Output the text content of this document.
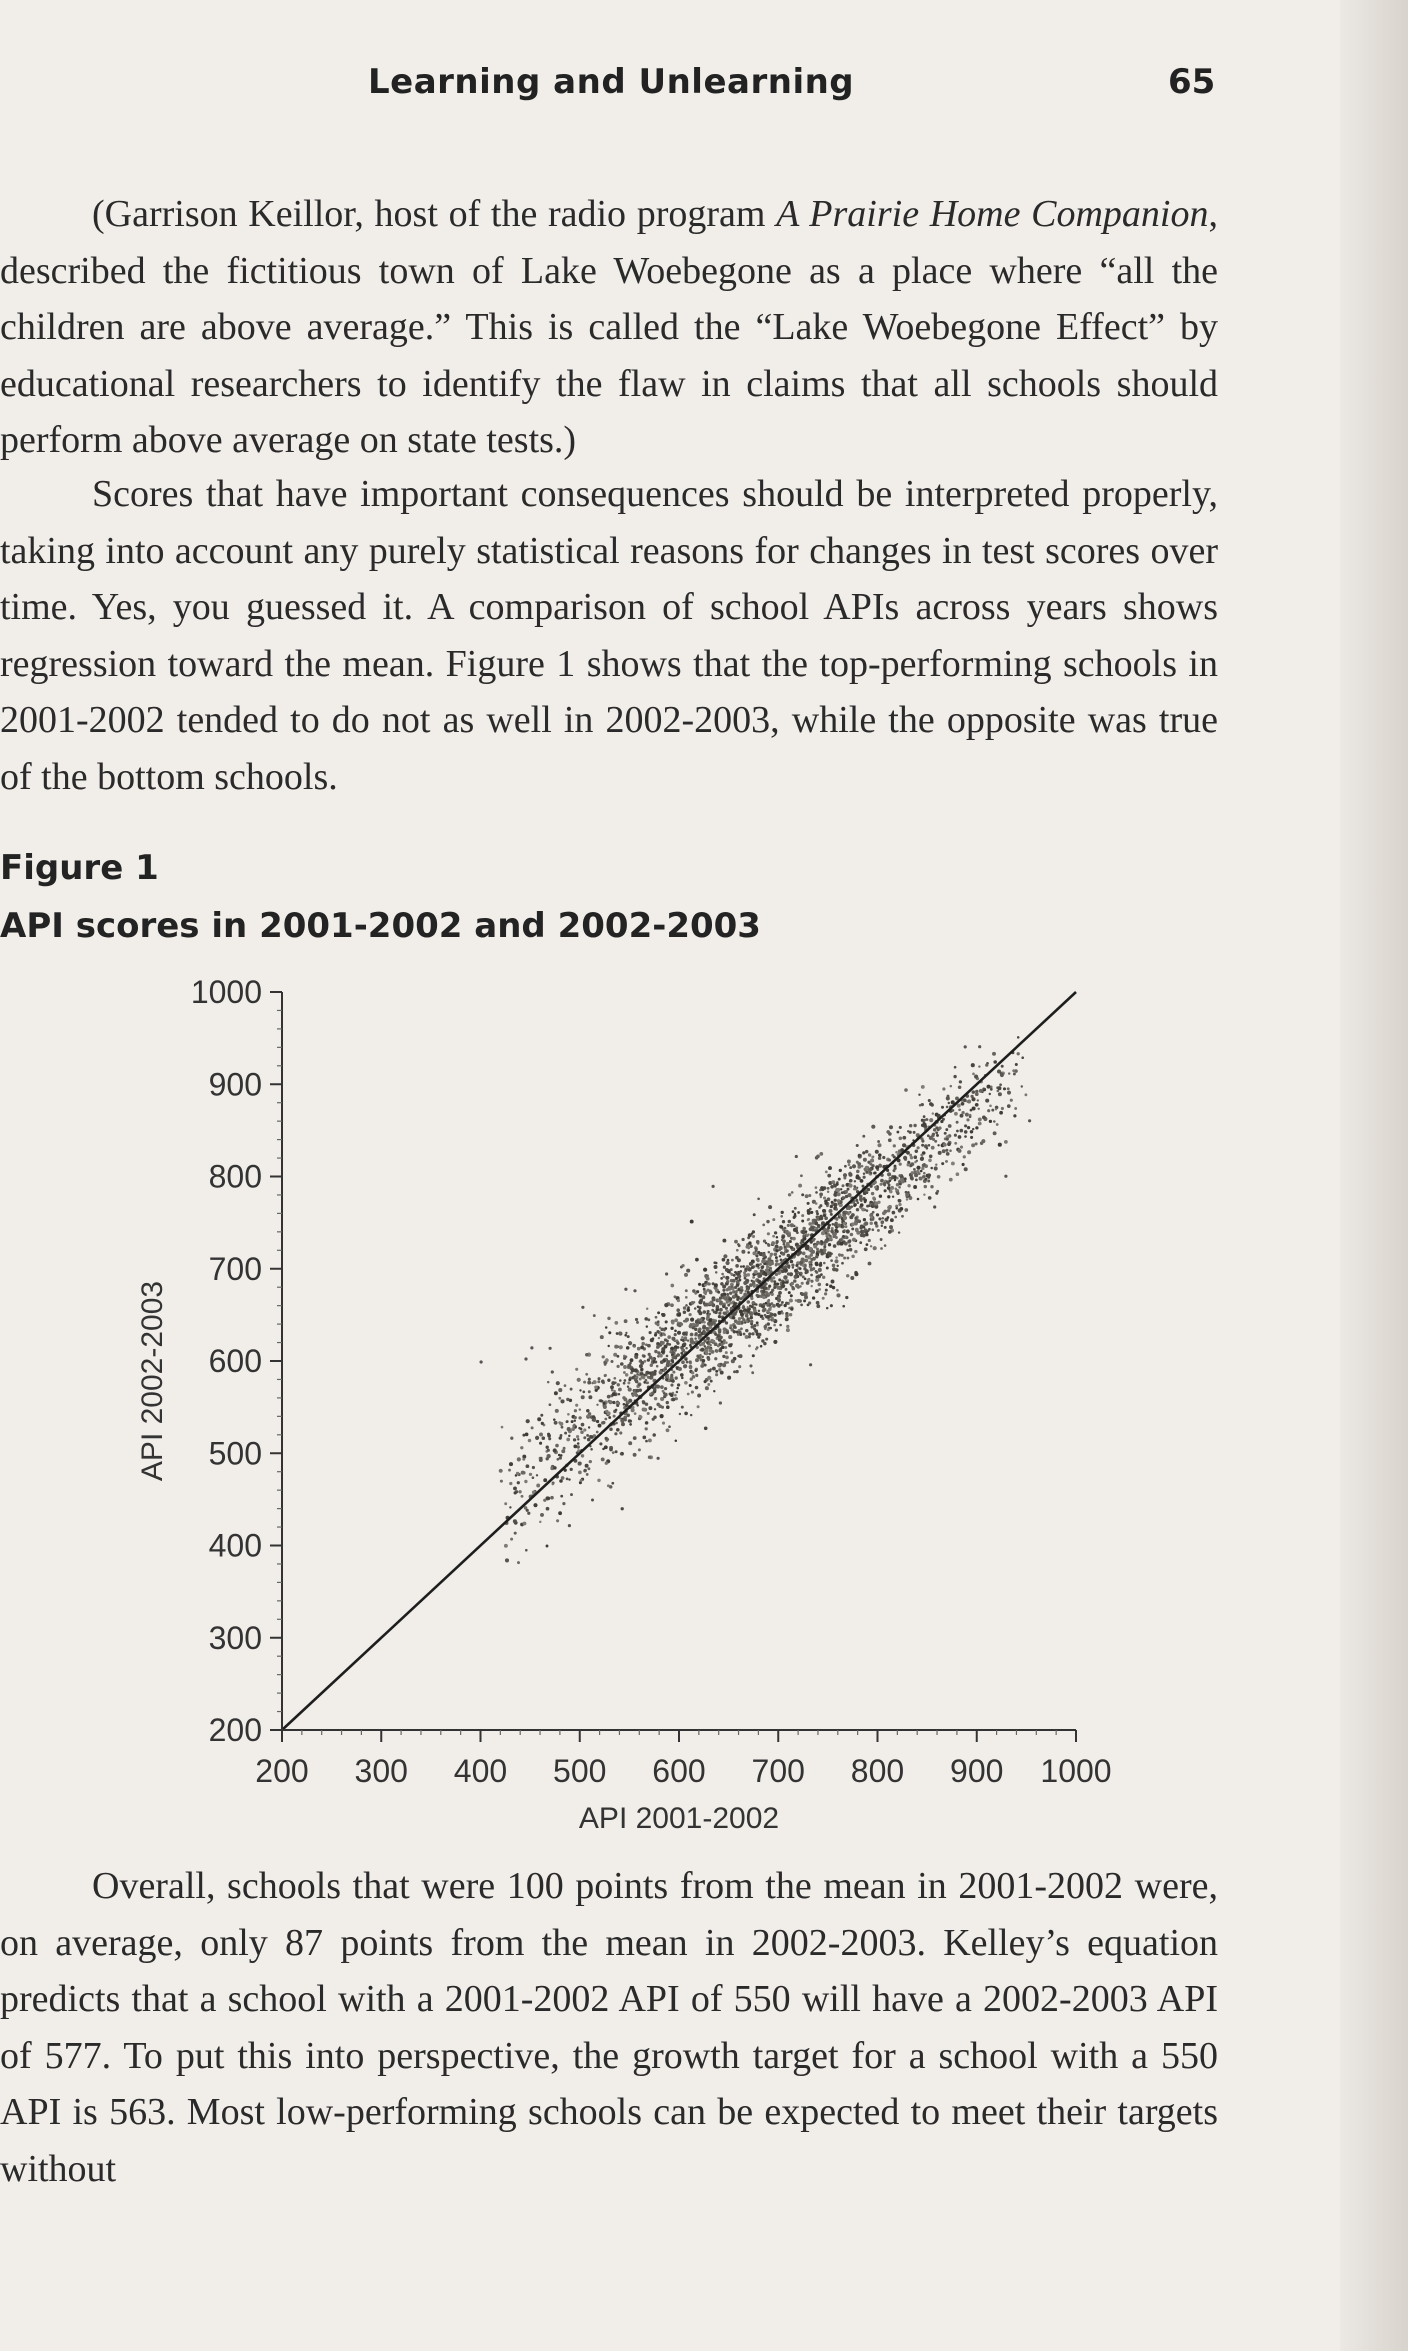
Learning and Unlearning	65

(Garrison Keillor, host of the radio program A Prairie Home Companion, described the fictitious town of Lake Woebegone as a place where “all the children are above average.” This is called the “Lake Woebegone Effect” by educational researchers to identify the flaw in claims that all schools should perform above average on state tests.)

Scores that have important consequences should be interpreted properly, taking into account any purely statistical reasons for changes in test scores over time. Yes, you guessed it. A comparison of school APIs across years shows regression toward the mean. Figure 1 shows that the top-performing schools in 2001-2002 tended to do not as well in 2002-2003, while the opposite was true of the bottom schools.

Figure 1
API scores in 2001-2002 and 2002-2003
200
300
400
500
600
700
800
900
1000
200 300 400 500 600 700 800 900 1000
API 2001-2002
API 2002-2003

Overall, schools that were 100 points from the mean in 2001-2002 were, on average, only 87 points from the mean in 2002-2003. Kelley’s equation predicts that a school with a 2001-2002 API of 550 will have a 2002-2003 API of 577. To put this into perspective, the growth target for a school with a 550 API is 563. Most low-performing schools can be expected to meet their targets without
